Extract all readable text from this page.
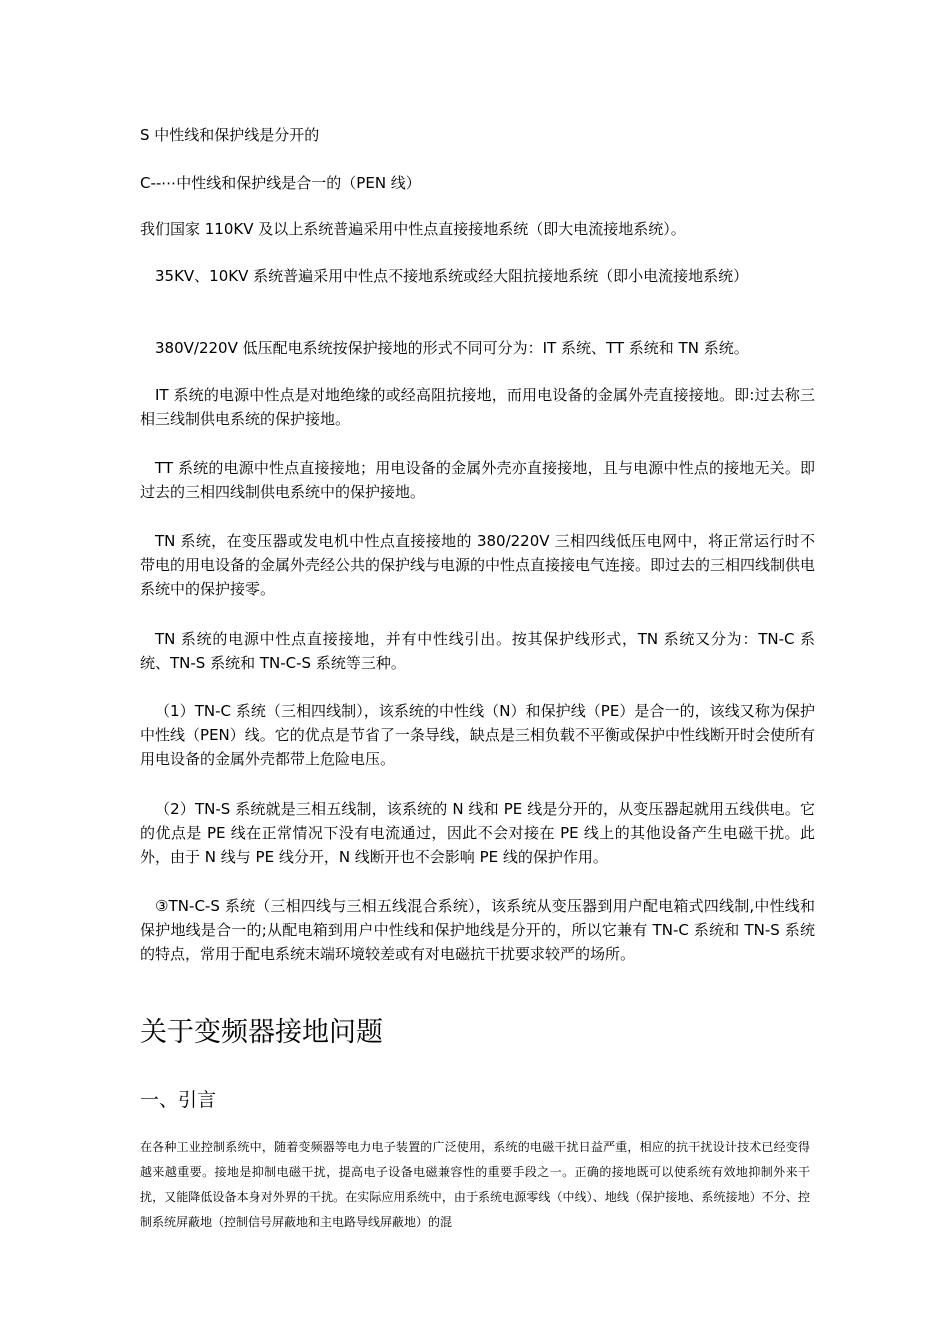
S 中性线和保护线是分开的
C--⋯中性线和保护线是合一的（PEN 线）
我们国家 110KV 及以上系统普遍采用中性点直接接地系统（即大电流接地系统）。
35KV、10KV 系统普遍采用中性点不接地系统或经大阻抗接地系统（即小电流接地系统）
380V/220V 低压配电系统按保护接地的形式不同可分为：IT 系统、TT 系统和 TN 系统。
IT 系统的电源中性点是对地绝缘的或经高阻抗接地，而用电设备的金属外壳直接接地。即:过去称三相三线制供电系统的保护接地。
TT 系统的电源中性点直接接地；用电设备的金属外壳亦直接接地，且与电源中性点的接地无关。即过去的三相四线制供电系统中的保护接地。
TN 系统，在变压器或发电机中性点直接接地的 380/220V 三相四线低压电网中，将正常运行时不带电的用电设备的金属外壳经公共的保护线与电源的中性点直接接电气连接。即过去的三相四线制供电系统中的保护接零。
TN 系统的电源中性点直接接地，并有中性线引出。按其保护线形式，TN 系统又分为：TN-C 系统、TN-S 系统和 TN-C-S 系统等三种。
（1）TN-C 系统（三相四线制），该系统的中性线（N）和保护线（PE）是合一的，该线又称为保护中性线（PEN）线。它的优点是节省了一条导线，缺点是三相负载不平衡或保护中性线断开时会使所有用电设备的金属外壳都带上危险电压。
（2）TN-S 系统就是三相五线制，该系统的 N 线和 PE 线是分开的，从变压器起就用五线供电。它的优点是 PE 线在正常情况下没有电流通过，因此不会对接在 PE 线上的其他设备产生电磁干扰。此外，由于 N 线与 PE 线分开，N 线断开也不会影响 PE 线的保护作用。
③TN-C-S 系统（三相四线与三相五线混合系统），该系统从变压器到用户配电箱式四线制,中性线和保护地线是合一的;从配电箱到用户中性线和保护地线是分开的，所以它兼有 TN-C 系统和 TN-S 系统的特点，常用于配电系统末端环境较差或有对电磁抗干扰要求较严的场所。
关于变频器接地问题
一、引言
在各种工业控制系统中，随着变频器等电力电子装置的广泛使用，系统的电磁干扰日益严重，相应的抗干扰设计技术已经变得越来越重要。接地是抑制电磁干扰，提高电子设备电磁兼容性的重要手段之一。正确的接地既可以使系统有效地抑制外来干扰，又能降低设备本身对外界的干扰。在实际应用系统中，由于系统电源零线（中线）、地线（保护接地、系统接地）不分、控制系统屏蔽地（控制信号屏蔽地和主电路导线屏蔽地）的混
